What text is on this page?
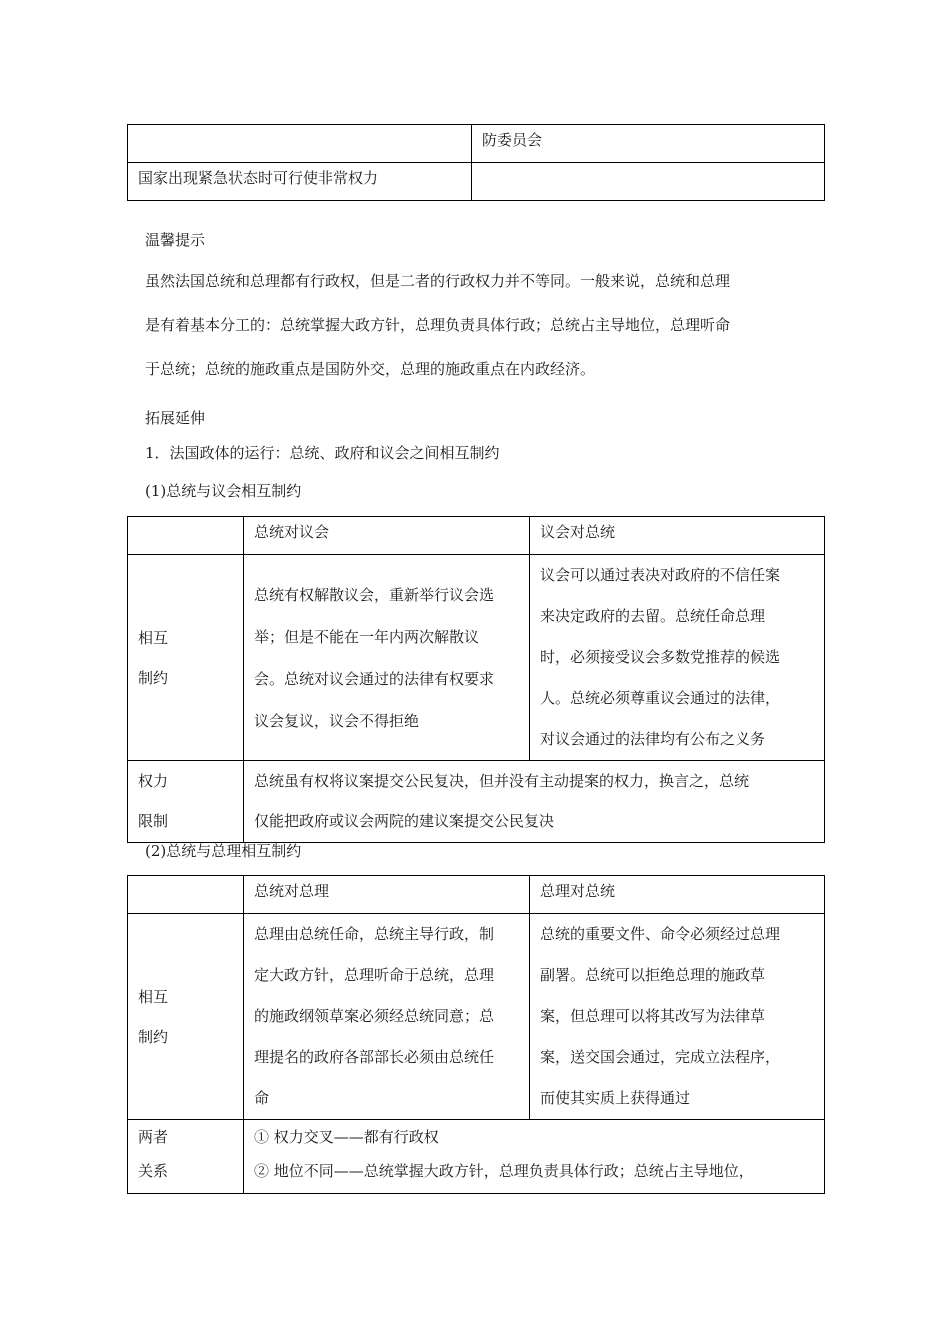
	防委员会
国家出现紧急状态时可行使非常权力	

温馨提示

虽然法国总统和总理都有行政权，但是二者的行政权力并不等同。一般来说，总统和总理
是有着基本分工的：总统掌握大政方针，总理负责具体行政；总统占主导地位，总理听命
于总统；总统的施政重点是国防外交，总理的施政重点在内政经济。

拓展延伸

1．法国政体的运行：总统、政府和议会之间相互制约

(1)总统与议会相互制约

	总统对议会	议会对总统

相互
制约	总统有权解散议会，重新举行议会选
举；但是不能在一年内两次解散议
会。总统对议会通过的法律有权要求
议会复议，议会不得拒绝	议会可以通过表决对政府的不信任案
来决定政府的去留。总统任命总理
时，必须接受议会多数党推荐的候选
人。总统必须尊重议会通过的法律，
对议会通过的法律均有公布之义务

权力
限制	总统虽有权将议案提交公民复决，但并没有主动提案的权力，换言之，总统
仅能把政府或议会两院的建议案提交公民复决	

(2)总统与总理相互制约

	总统对总理	总理对总统

相互
制约	总理由总统任命，总统主导行政，制
定大政方针，总理听命于总统，总理
的施政纲领草案必须经总统同意；总
理提名的政府各部部长必须由总统任
命	总统的重要文件、命令必须经过总理
副署。总统可以拒绝总理的施政草
案，但总理可以将其改写为法律草
案，送交国会通过，完成立法程序，
而使其实质上获得通过

两者
关系	① 权力交叉——都有行政权
② 地位不同——总统掌握大政方针，总理负责具体行政；总统占主导地位，	
